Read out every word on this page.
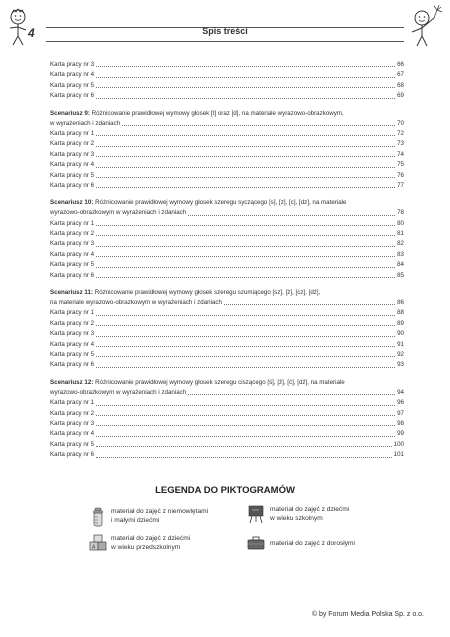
Spis treści
4
Karta pracy nr 3	66
Karta pracy nr 4	67
Karta pracy nr 5	68
Karta pracy nr 6	69
Scenariusz 9: Różnicowanie prawidłowej wymowy głosek [t] oraz [d], na materiale wyrazowo-obrazkowym,
w wyrażeniach i zdaniach	70
Karta pracy nr 1	72
Karta pracy nr 2	73
Karta pracy nr 3	74
Karta pracy nr 4	75
Karta pracy nr 5	76
Karta pracy nr 6	77
Scenariusz 10: Różnicowanie prawidłowej wymowy głosek szeregu syczącego [s], [z], [c], [dz], na materiale
wyrazowo-obrazkowym w wyrażeniach i zdaniach	78
Karta pracy nr 1	80
Karta pracy nr 2	81
Karta pracy nr 3	82
Karta pracy nr 4	83
Karta pracy nr 5	84
Karta pracy nr 6	85
Scenariusz 11: Różnicowanie prawidłowej wymowy głosek szeregu szumiącego [sz], [ż], [cz], [dż],
na materiale wyrazowo-obrazkowym w wyrażeniach i zdaniach	86
Karta pracy nr 1	88
Karta pracy nr 2	89
Karta pracy nr 3	90
Karta pracy nr 4	91
Karta pracy nr 5	92
Karta pracy nr 6	93
Scenariusz 12: Różnicowanie prawidłowej wymowy głosek szeregu ciszącego [ś], [ź], [ć], [dź], na materiale
wyrazowo-obrazkowym w wyrażeniach i zdaniach	94
Karta pracy nr 1	96
Karta pracy nr 2	97
Karta pracy nr 3	98
Karta pracy nr 4	99
Karta pracy nr 5	100
Karta pracy nr 6	101
LEGENDA DO PIKTOGRAMÓW
materiał do zajęć z niemowlętami
i małymi dziećmi
materiał do zajęć z dziećmi
w wieku szkolnym
A
materiał do zajęć z dziećmi
w wieku przedszkolnym
materiał do zajęć z dorosłymi
© by Forum Media Polska Sp. z o.o.
